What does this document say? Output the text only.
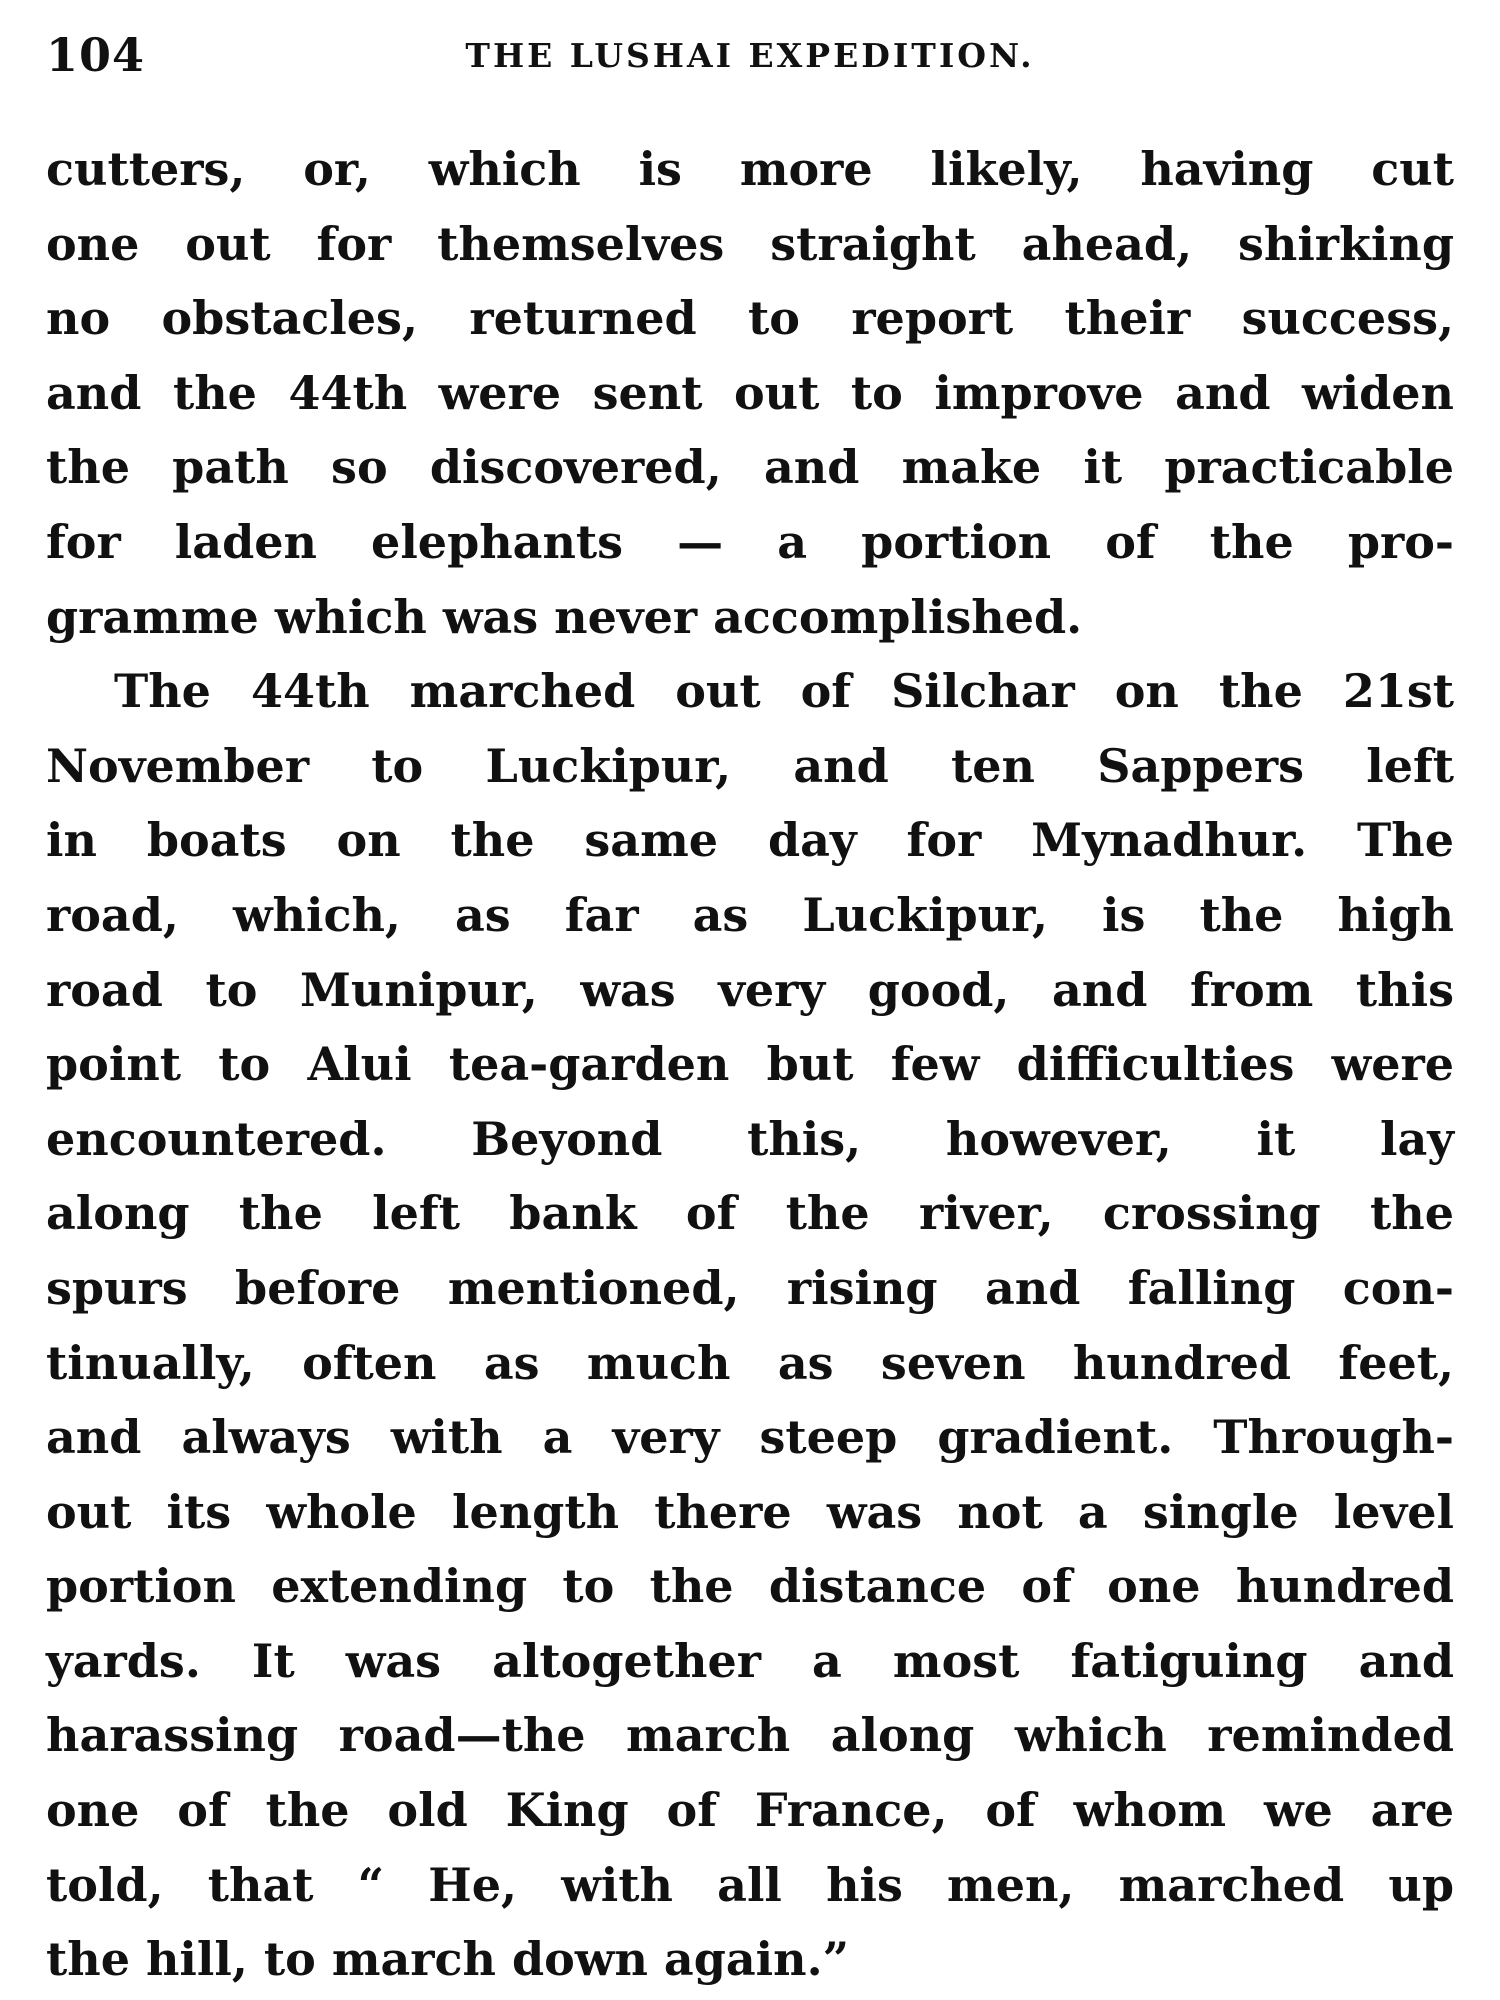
104	THE LUSHAI EXPEDITION.
cutters, or, which is more likely, having cut
one out for themselves straight ahead, shirking
no obstacles, returned to report their success,
and the 44th were sent out to improve and widen
the path so discovered, and make it practicable
for laden elephants — a portion of the pro-
gramme which was never accomplished.
The 44th marched out of Silchar on the 21st
November to Luckipur, and ten Sappers left
in boats on the same day for Mynadhur. The
road, which, as far as Luckipur, is the high
road to Munipur, was very good, and from this
point to Alui tea-garden but few difficulties were
encountered. Beyond this, however, it lay
along the left bank of the river, crossing the
spurs before mentioned, rising and falling con-
tinually, often as much as seven hundred feet,
and always with a very steep gradient. Through-
out its whole length there was not a single level
portion extending to the distance of one hundred
yards. It was altogether a most fatiguing and
harassing road—the march along which reminded
one of the old King of France, of whom we are
told, that “ He, with all his men, marched up
the hill, to march down again.”
